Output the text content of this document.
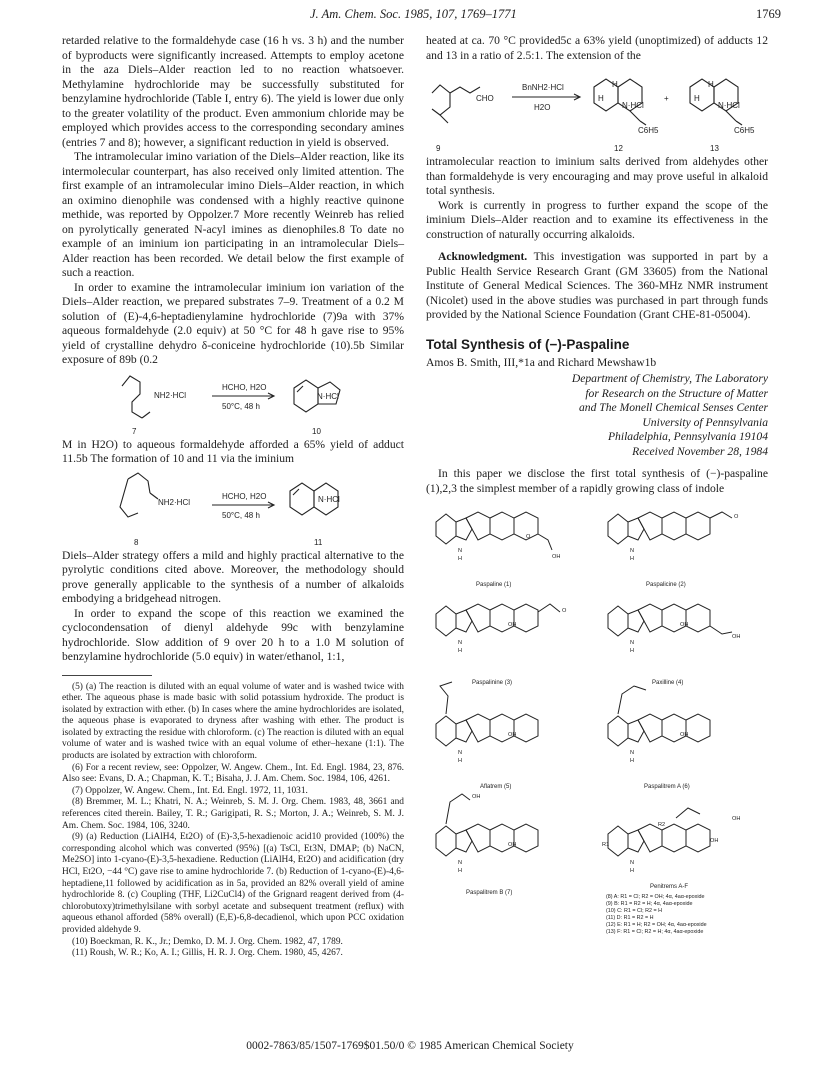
J. Am. Chem. Soc. 1985, 107, 1769–1771	1769

retarded relative to the formaldehyde case (16 h vs. 3 h) and the number of byproducts were significantly increased. Attempts to employ acetone in the aza Diels–Alder reaction led to no reaction whatsoever. Methylamine hydrochloride may be successfully substituted for benzylamine hydrochloride (Table I, entry 6). The yield is lower due only to the greater volatility of the product. Even ammonium chloride may be employed which provides access to the corresponding secondary amines (entries 7 and 8); however, a significant reduction in yield is observed.

The intramolecular imino variation of the Diels–Alder reaction, like its intermolecular counterpart, has also received only limited attention. The first example of an intramolecular imino Diels–Alder reaction, in which an oximino dienophile was condensed with a highly reactive quinone methide, was reported by Oppolzer.7 More recently Weinreb has relied on pyrolytically generated N-acyl imines as dienophiles.8 To date no example of an iminium ion participating in an intramolecular Diels–Alder reaction has been recorded. We detail below the first example of such a reaction.

In order to examine the intramolecular iminium ion variation of the Diels–Alder reaction, we prepared substrates 7–9. Treatment of a 0.2 M solution of (E)-4,6-heptadienylamine hydrochloride (7)9a with 37% aqueous formaldehyde (2.0 equiv) at 50 °C for 48 h gave rise to 95% yield of crystalline dehydro δ-coniceine hydrochloride (10).5b Similar exposure of 89b (0.2

NH2·HCl
HCHO, H2O
50°C, 48 h
N·HCl
7	10

M in H2O) to aqueous formaldehyde afforded a 65% yield of adduct 11.5b The formation of 10 and 11 via the iminium

NH2·HCl
HCHO, H2O
50°C, 48 h
N·HCl
8	11

Diels–Alder strategy offers a mild and highly practical alternative to the pyrolytic conditions cited above. Moreover, the methodology should prove generally applicable to the synthesis of a number of alkaloids embodying a bridgehead nitrogen.

In order to expand the scope of this reaction we examined the cyclocondensation of dienyl aldehyde 99c with benzylamine hydrochloride. Slow addition of 9 over 20 h to a 1.0 M solution of benzylamine hydrochloride (5.0 equiv) in water/ethanol, 1:1,

(5) (a) The reaction is diluted with an equal volume of water and is washed twice with ether. The aqueous phase is made basic with solid potassium hydroxide. The product is isolated by extraction with ether. (b) In cases where the amine hydrochlorides are isolated, the aqueous phase is evaporated to dryness after washing with ether. The product is isolated by extracting the residue with chloroform. (c) The reaction is diluted with an equal volume of water and is washed twice with an equal volume of ether–hexane (1:1). The products are isolated by extraction with chloroform.

(6) For a recent review, see: Oppolzer, W. Angew. Chem., Int. Ed. Engl. 1984, 23, 876. Also see: Evans, D. A.; Chapman, K. T.; Bisaha, J. J. Am. Chem. Soc. 1984, 106, 4261.

(7) Oppolzer, W. Angew. Chem., Int. Ed. Engl. 1972, 11, 1031.

(8) Bremmer, M. L.; Khatri, N. A.; Weinreb, S. M. J. Org. Chem. 1983, 48, 3661 and references cited therein. Bailey, T. R.; Garigipati, R. S.; Morton, J. A.; Weinreb, S. M. J. Am. Chem. Soc. 1984, 106, 3240.

(9) (a) Reduction (LiAlH4, Et2O) of (E)-3,5-hexadienoic acid10 provided (100%) the corresponding alcohol which was converted (95%) [(a) TsCl, Et3N, DMAP; (b) NaCN, Me2SO] into 1-cyano-(E)-3,5-hexadiene. Reduction (LiAlH4, Et2O) and acidification (dry HCl, Et2O, −44 °C) gave rise to amine hydrochloride 7. (b) Reduction of 1-cyano-(E)-4,6-heptadiene,11 followed by acidification as in 5a, provided an 82% overall yield of amine hydrochloride 8. (c) Coupling (THF, Li2CuCl4) of the Grignard reagent derived from (4-chlorobutoxy)trimethylsilane with sorbyl acetate and subsequent treatment (reflux) with aqueous ethanol afforded (58% overall) (E,E)-6,8-decadienol, which upon PCC oxidation provided aldehyde 9.

(10) Boeckman, R. K., Jr.; Demko, D. M. J. Org. Chem. 1982, 47, 1789.

(11) Roush, W. R.; Ko, A. I.; Gillis, H. R. J. Org. Chem. 1980, 45, 4267.

heated at ca. 70 °C provided5c a 63% yield (unoptimized) of adducts 12 and 13 in a ratio of 2.5:1. The extension of the

CHO
BnNH2·HCl
H2O
H
H
N·HCl
C6H5
+
H
H
N·HCl
C6H5
9	12	13

intramolecular reaction to iminium salts derived from aldehydes other than formaldehyde is very encouraging and may prove useful in alkaloid total synthesis.

Work is currently in progress to further expand the scope of the iminium Diels–Alder reaction and to examine its effectiveness in the construction of naturally occurring alkaloids.

Acknowledgment. This investigation was supported in part by a Public Health Service Research Grant (GM 33605) from the National Institute of General Medical Sciences. The 360-MHz NMR instrument (Nicolet) used in the above studies was purchased in part through funds provided by the National Science Foundation (Grant CHE-81-05004).

Total Synthesis of (−)-Paspaline

Amos B. Smith, III,*1a and Richard Mewshaw1b

Department of Chemistry, The Laboratory

for Research on the Structure of Matter

and The Monell Chemical Senses Center

University of Pennsylvania

Philadelphia, Pennsylvania 19104

Received November 28, 1984

In this paper we disclose the first total synthesis of (−)-paspaline (1),2,3 the simplest member of a rapidly growing class of indole

N
H
O
OH
N
H
O
N
H
OH
O
N
H
OH
OH
N
H
OH
N
H
OH
OH
N
H
OH	R1
R2
N
H
OH
OH
Paspaline (1)	Paspalicine (2)
Paspalinine (3)	Paxilline (4)
Aflatrem (5)	Paspalitrem A (6)
Paspalitrem B (7)
Penitrems A-F
(8) A: R1 = Cl; R2 = OH; 4α, 4aα-epoxide
(9) B: R1 = R2 = H; 4α, 4aα-epoxide
(10) C: R1 = Cl; R2 = H
(11) D: R1 = R2 = H
(12) E: R1 = H; R2 = OH; 4α, 4aα-epoxide
(13) F: R1 = Cl; R2 = H; 4α, 4aα-epoxide
0002-7863/85/1507-1769$01.50/0 © 1985 American Chemical Society
